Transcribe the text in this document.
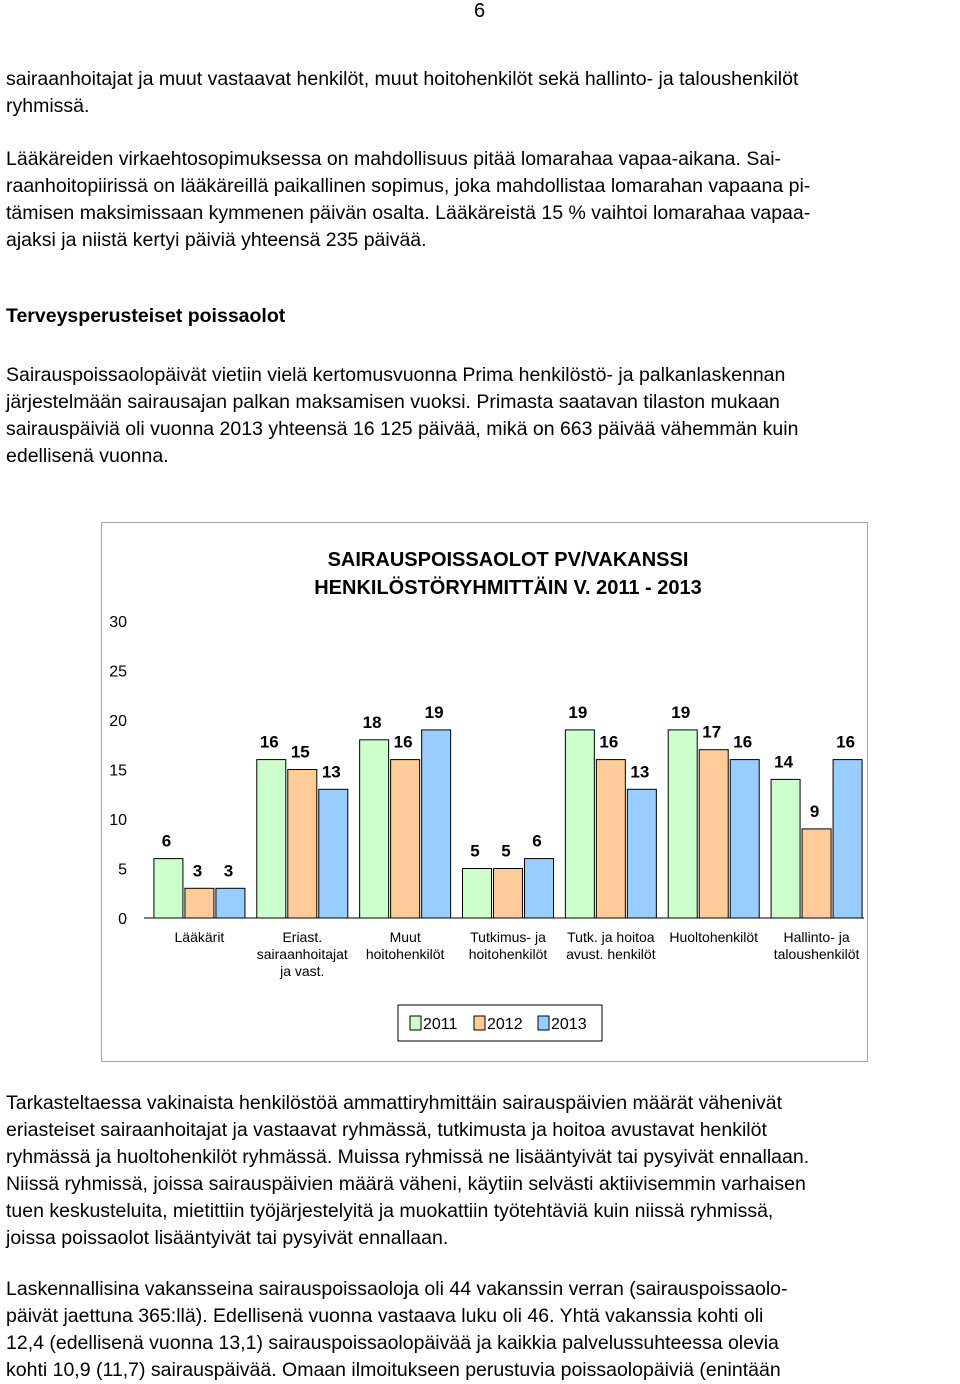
6
sairaanhoitajat ja muut vastaavat henkilöt, muut hoitohenkilöt sekä hallinto- ja taloushenkilöt
ryhmissä.
Lääkäreiden virkaehtosopimuksessa on mahdollisuus pitää lomarahaa vapaa-aikana. Sai-
raanhoitopiirissä on lääkäreillä paikallinen sopimus, joka mahdollistaa lomarahan vapaana pi-
tämisen maksimissaan kymmenen päivän osalta. Lääkäreistä 15 % vaihtoi lomarahaa vapaa-
ajaksi ja niistä kertyi päiviä yhteensä 235 päivää.
Terveysperusteiset poissaolot
Sairauspoissaolopäivät vietiin vielä kertomusvuonna Prima henkilöstö- ja palkanlaskennan
järjestelmään sairausajan palkan maksamisen vuoksi. Primasta saatavan tilaston mukaan
sairauspäiviä oli vuonna 2013 yhteensä 16 125 päivää, mikä on 663 päivää vähemmän kuin
edellisenä vuonna.
SAIRAUSPOISSAOLOT PV/VAKANSSI
HENKILÖSTÖRYHMITTÄIN V. 2011 - 2013
0
5
10
15
20
25
30
6
3 3
Lääkärit
16
15
13
Eriast.
sairaanhoitajat
ja vast.
18
16
19
Muut
hoitohenkilöt
5 5
6
Tutkimus- ja
hoitohenkilöt
19
16
13
Tutk. ja hoitoa
avust. henkilöt
19
17
16
Huoltohenkilöt
14
9
16
Hallinto- ja
taloushenkilöt
2011 2012 2013
Tarkasteltaessa vakinaista henkilöstöä ammattiryhmittäin sairauspäivien määrät vähenivät
eriasteiset sairaanhoitajat ja vastaavat ryhmässä, tutkimusta ja hoitoa avustavat henkilöt
ryhmässä ja huoltohenkilöt ryhmässä. Muissa ryhmissä ne lisääntyivät tai pysyivät ennallaan.
Niissä ryhmissä, joissa sairauspäivien määrä väheni, käytiin selvästi aktiivisemmin varhaisen
tuen keskusteluita, mietittiin työjärjestelyitä ja muokattiin työtehtäviä kuin niissä ryhmissä,
joissa poissaolot lisääntyivät tai pysyivät ennallaan.
Laskennallisina vakansseina sairauspoissaoloja oli 44 vakanssin verran (sairauspoissaolo-
päivät jaettuna 365:llä). Edellisenä vuonna vastaava luku oli 46. Yhtä vakanssia kohti oli
12,4 (edellisenä vuonna 13,1) sairauspoissaolopäivää ja kaikkia palvelussuhteessa olevia
kohti 10,9 (11,7) sairauspäivää. Omaan ilmoitukseen perustuvia poissaolopäiviä (enintään
